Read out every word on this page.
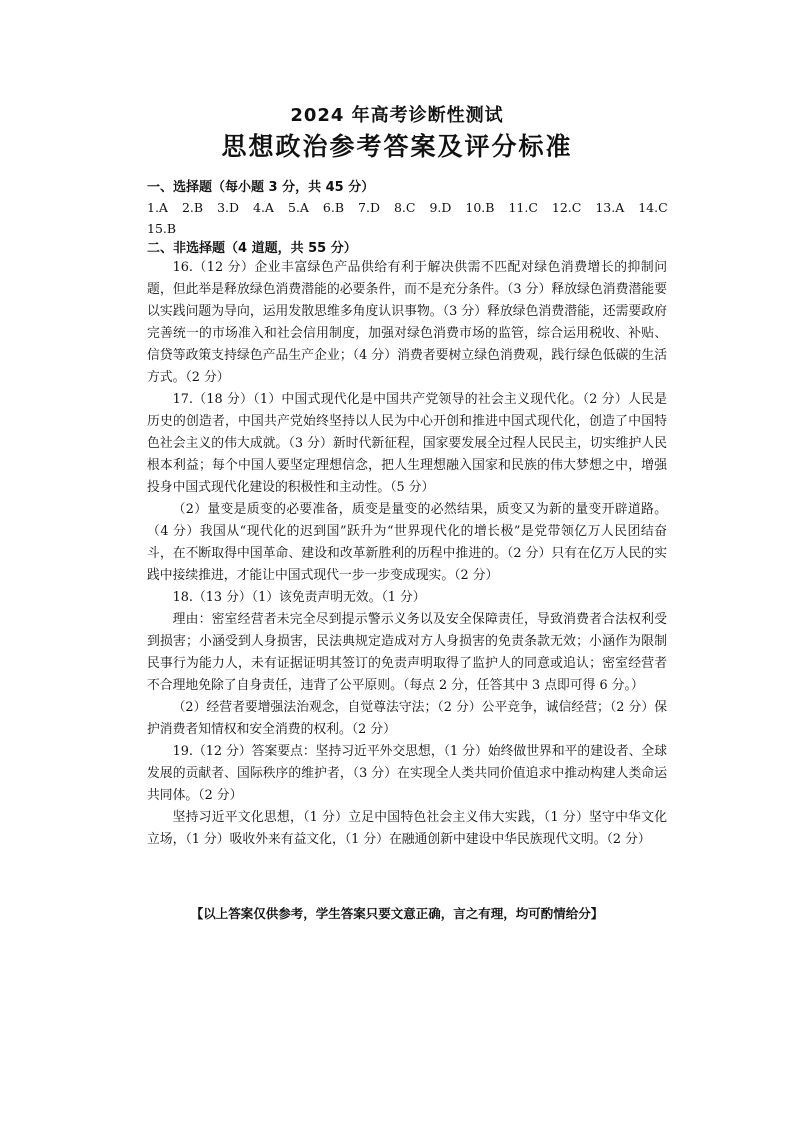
2024 年高考诊断性测试
思想政治参考答案及评分标准
一、选择题（每小题 3 分，共 45 分）
1.A 2.B 3.D 4.A 5.A 6.B 7.D 8.C 9.D 10.B 11.C 12.C 13.A 14.C 15.B
二、非选择题（4 道题，共 55 分）

16.（12 分）企业丰富绿色产品供给有利于解决供需不匹配对绿色消费增长的抑制问题，但此举是释放绿色消费潜能的必要条件，而不是充分条件。（3 分）释放绿色消费潜能要以实践问题为导向，运用发散思维多角度认识事物。（3 分）释放绿色消费潜能，还需要政府完善统一的市场准入和社会信用制度，加强对绿色消费市场的监管，综合运用税收、补贴、信贷等政策支持绿色产品生产企业；（4 分）消费者要树立绿色消费观，践行绿色低碳的生活方式。（2 分）

17.（18 分）（1）中国式现代化是中国共产党领导的社会主义现代化。（2 分）人民是历史的创造者，中国共产党始终坚持以人民为中心开创和推进中国式现代化，创造了中国特色社会主义的伟大成就。（3 分）新时代新征程，国家要发展全过程人民民主，切实维护人民根本利益；每个中国人要坚定理想信念，把人生理想融入国家和民族的伟大梦想之中，增强投身中国式现代化建设的积极性和主动性。（5 分）

（2）量变是质变的必要准备，质变是量变的必然结果，质变又为新的量变开辟道路。（4 分）我国从“现代化的迟到国”跃升为“世界现代化的增长极”是党带领亿万人民团结奋斗，在不断取得中国革命、建设和改革新胜利的历程中推进的。（2 分）只有在亿万人民的实践中接续推进，才能让中国式现代一步一步变成现实。（2 分）

18.（13 分）（1）该免责声明无效。（1 分）

理由：密室经营者未完全尽到提示警示义务以及安全保障责任，导致消费者合法权利受到损害；小涵受到人身损害，民法典规定造成对方人身损害的免责条款无效；小涵作为限制民事行为能力人，未有证据证明其签订的免责声明取得了监护人的同意或追认；密室经营者不合理地免除了自身责任，违背了公平原则。（每点 2 分，任答其中 3 点即可得 6 分。）

（2）经营者要增强法治观念，自觉尊法守法；（2 分）公平竞争，诚信经营；（2 分）保护消费者知情权和安全消费的权利。（2 分）

19.（12 分）答案要点：坚持习近平外交思想，（1 分）始终做世界和平的建设者、全球发展的贡献者、国际秩序的维护者，（3 分）在实现全人类共同价值追求中推动构建人类命运共同体。（2 分）

坚持习近平文化思想，（1 分）立足中国特色社会主义伟大实践，（1 分）坚守中华文化立场，（1 分）吸收外来有益文化，（1 分）在融通创新中建设中华民族现代文明。（2 分）

【以上答案仅供参考，学生答案只要文意正确，言之有理，均可酌情给分】
